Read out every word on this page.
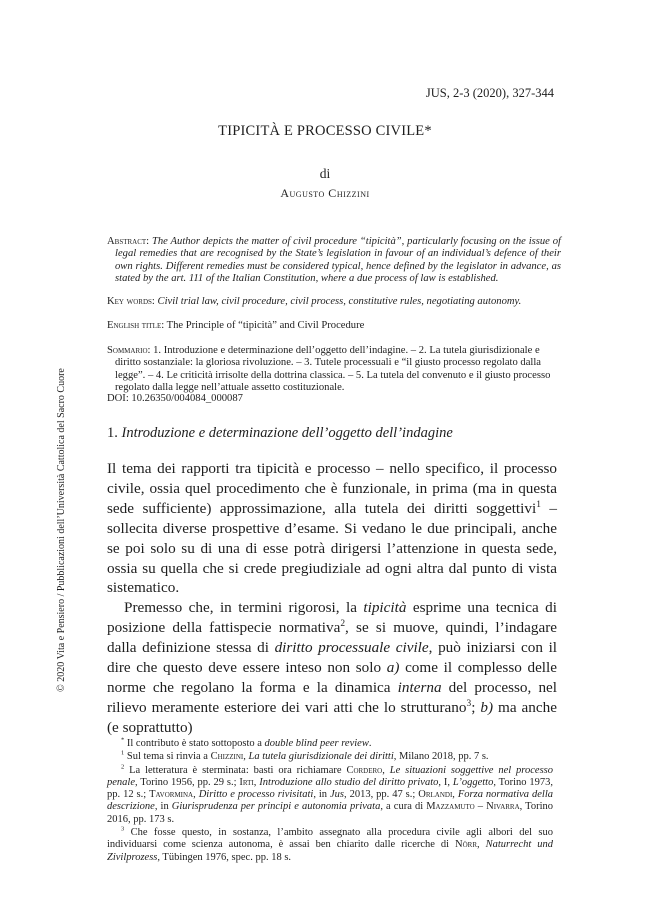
JUS, 2-3 (2020), 327-344
TIPICITÀ E PROCESSO CIVILE*
di
Augusto Chizzini
Abstract: The Author depicts the matter of civil procedure “tipicità”, particularly focusing on the issue of legal remedies that are recognised by the State’s legislation in favour of an individual’s defence of their own rights. Different remedies must be considered typical, hence defined by the legislator in advance, as stated by the art. 111 of the Italian Constitution, where a due process of law is established.
Key words: Civil trial law, civil procedure, civil process, constitutive rules, negotiating autonomy.
English title: The Principle of “tipicità” and Civil Procedure
Sommario: 1. Introduzione e determinazione dell’oggetto dell’indagine. – 2. La tutela giurisdizionale e diritto sostanziale: la gloriosa rivoluzione. – 3. Tutele processuali e “il giusto processo regolato dalla legge”. – 4. Le criticità irrisolte della dottrina classica. – 5. La tutela del convenuto e il giusto processo regolato dalla legge nell’attuale assetto costituzionale.
DOI: 10.26350/004084_000087
1. Introduzione e determinazione dell’oggetto dell’indagine

Il tema dei rapporti tra tipicità e processo – nello specifico, il processo civile, ossia quel procedimento che è funzionale, in prima (ma in questa sede sufficiente) approssimazione, alla tutela dei diritti soggettivi$^1$ – sollecita diverse prospettive d’esame. Si vedano le due principali, anche se poi solo su di una di esse potrà dirigersi l’attenzione in questa sede, ossia su quella che si crede pregiudiziale ad ogni altra dal punto di vista sistematico.

Premesso che, in termini rigorosi, la tipicità esprime una tecnica di posizione della fattispecie normativa$^2$, se si muove, quindi, l’indagare dalla definizione stessa di diritto processuale civile, può iniziarsi con il dire che questo deve essere inteso non solo a) come il complesso delle norme che regolano la forma e la dinamica interna del processo, nel rilievo meramente esteriore dei vari atti che lo strutturano$^3$; b) ma anche (e soprattutto)

* Il contributo è stato sottoposto a double blind peer review.

$^1$ Sul tema si rinvia a Chizzini, La tutela giurisdizionale dei diritti, Milano 2018, pp. 7 s.

$^2$ La letteratura è sterminata: basti ora richiamare Cordero, Le situazioni soggettive nel processo penale, Torino 1956, pp. 29 s.; Irti, Introduzione allo studio del diritto privato, I, L’oggetto, Torino 1973, pp. 12 s.; Tavormina, Diritto e processo rivisitati, in Jus, 2013, pp. 47 s.; Orlandi, Forza normativa della descrizione, in Giurisprudenza per principi e autonomia privata, a cura di Mazzamuto – Nivarra, Torino 2016, pp. 173 s.

$^3$ Che fosse questo, in sostanza, l’ambito assegnato alla procedura civile agli albori del suo individuarsi come scienza autonoma, è assai ben chiarito dalle ricerche di Nörr, Naturrecht und Zivilprozess, Tübingen 1976, spec. pp. 18 s.

© 2020 Vita e Pensiero / Pubblicazioni dell’Università Cattolica del Sacro Cuore
